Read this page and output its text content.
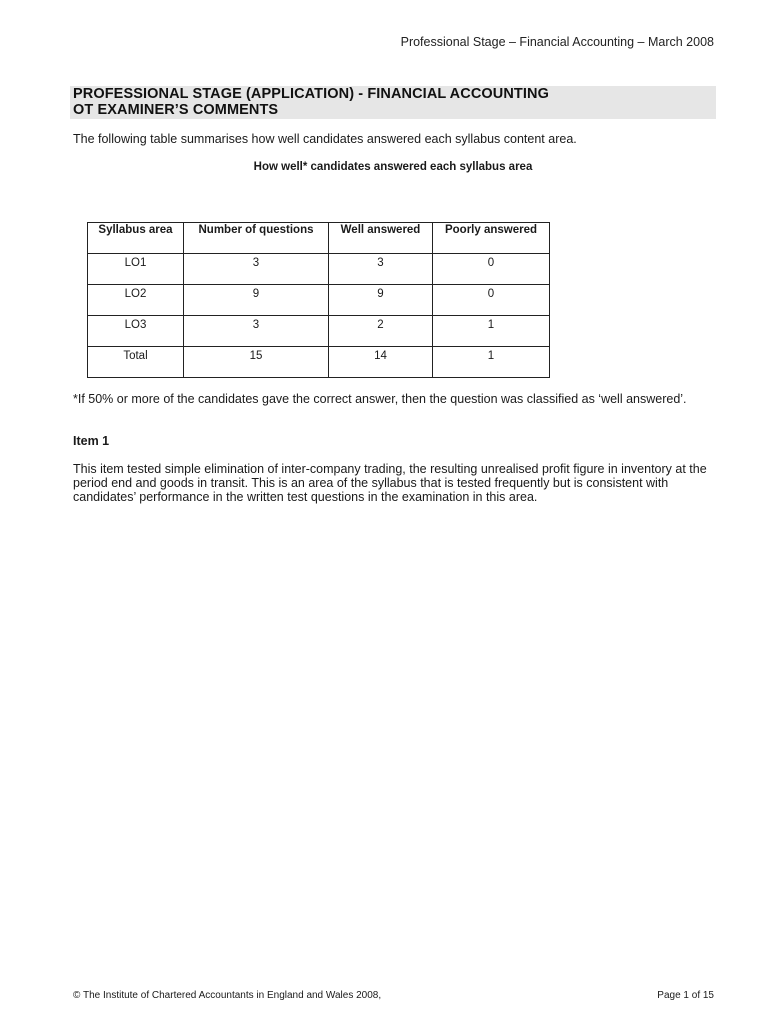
Professional Stage – Financial Accounting – March 2008
PROFESSIONAL STAGE (APPLICATION) - FINANCIAL ACCOUNTING
OT EXAMINER’S COMMENTS
The following table summarises how well candidates answered each syllabus content area.
How well* candidates answered each syllabus area
Syllabus area	Number of questions	Well answered	Poorly answered
LO1	3	3	0
LO2	9	9	0
LO3	3	2	1
Total	15	14	1
*If 50% or more of the candidates gave the correct answer, then the question was classified as ‘well answered’.
Item 1
This item tested simple elimination of inter-company trading, the resulting unrealised profit figure in inventory at the period end and goods in transit. This is an area of the syllabus that is tested frequently but is consistent with candidates’ performance in the written test questions in the examination in this area.
© The Institute of Chartered Accountants in England and Wales 2008,	Page 1 of 15
